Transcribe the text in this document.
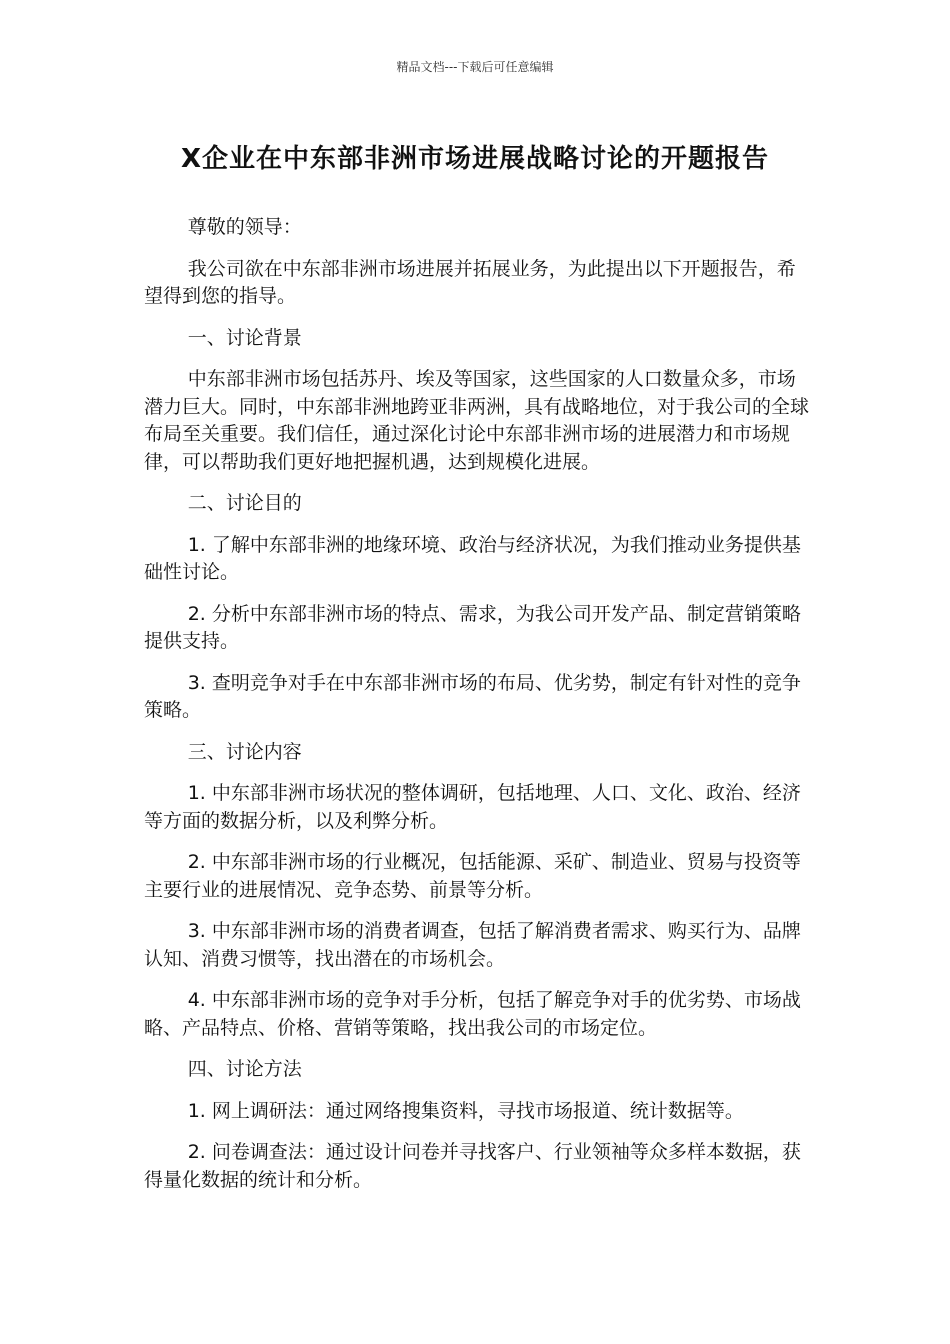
精品文档---下载后可任意编辑
X企业在中东部非洲市场进展战略讨论的开题报告

尊敬的领导：

我公司欲在中东部非洲市场进展并拓展业务，为此提出以下开题报告，希望得到您的指导。

一、讨论背景

中东部非洲市场包括苏丹、埃及等国家，这些国家的人口数量众多，市场潜力巨大。同时，中东部非洲地跨亚非两洲，具有战略地位，对于我公司的全球布局至关重要。我们信任，通过深化讨论中东部非洲市场的进展潜力和市场规律，可以帮助我们更好地把握机遇，达到规模化进展。

二、讨论目的

1. 了解中东部非洲的地缘环境、政治与经济状况，为我们推动业务提供基础性讨论。

2. 分析中东部非洲市场的特点、需求，为我公司开发产品、制定营销策略提供支持。

3. 查明竞争对手在中东部非洲市场的布局、优劣势，制定有针对性的竞争策略。

三、讨论内容

1. 中东部非洲市场状况的整体调研，包括地理、人口、文化、政治、经济等方面的数据分析，以及利弊分析。

2. 中东部非洲市场的行业概况，包括能源、采矿、制造业、贸易与投资等主要行业的进展情况、竞争态势、前景等分析。

3. 中东部非洲市场的消费者调查，包括了解消费者需求、购买行为、品牌认知、消费习惯等，找出潜在的市场机会。

4. 中东部非洲市场的竞争对手分析，包括了解竞争对手的优劣势、市场战略、产品特点、价格、营销等策略，找出我公司的市场定位。

四、讨论方法

1. 网上调研法：通过网络搜集资料，寻找市场报道、统计数据等。

2. 问卷调查法：通过设计问卷并寻找客户、行业领袖等众多样本数据，获得量化数据的统计和分析。
